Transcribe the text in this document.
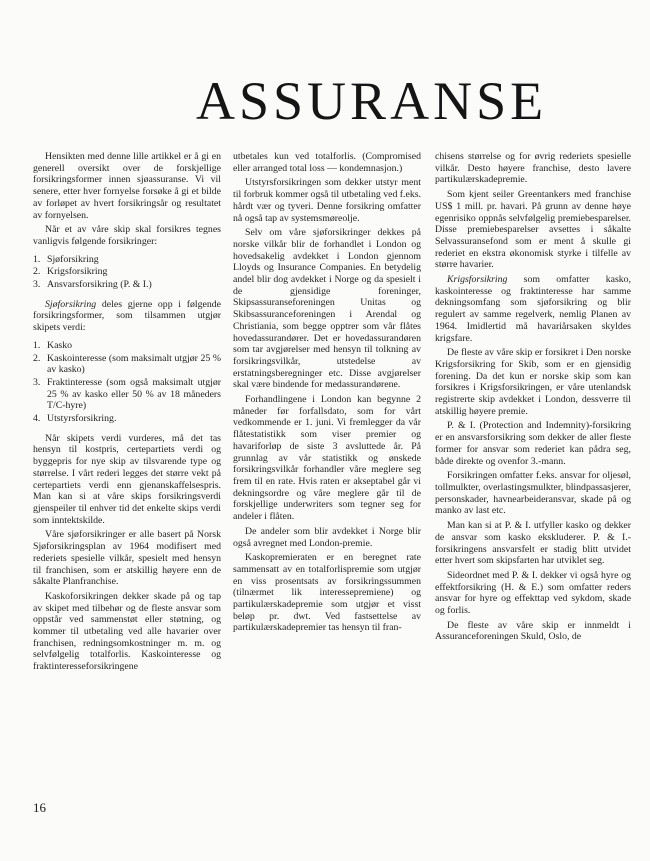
ASSURANSE

Hensikten med denne lille artikkel er å gi en generell oversikt over de forskjellige forsikringsformer innen sjøassuranse. Vi vil senere, etter hver fornyelse forsøke å gi et bilde av forløpet av hvert forsikringsår og resultatet av fornyelsen.

Når et av våre skip skal forsikres tegnes vanligvis følgende forsikringer:

1. Sjøforsikring
2. Krigsforsikring
3. Ansvarsforsikring (P. & I.)

Sjøforsikring deles gjerne opp i følgende forsikringsformer, som tilsammen utgjør skipets verdi:

1. Kasko
2. Kaskointeresse (som maksimalt utgjør 25 % av kasko)
3. Fraktinteresse (som også maksimalt utgjør 25 % av kasko eller 50 % av 18 måneders T/C-hyre)
4. Utstyrsforsikring.

Når skipets verdi vurderes, må det tas hensyn til kostpris, certepartiets verdi og byggepris for nye skip av tilsvarende type og størrelse. I vårt rederi legges det større vekt på certepartiets verdi enn gjenanskaffelsespris. Man kan si at våre skips forsikringsverdi gjenspeiler til enhver tid det enkelte skips verdi som inntektskilde.

Våre sjøforsikringer er alle basert på Norsk Sjøforsikringsplan av 1964 modifisert med rederiets spesielle vilkår, spesielt med hensyn til franchisen, som er atskillig høyere enn de såkalte Planfranchise.

Kaskoforsikringen dekker skade på og tap av skipet med tilbehør og de fleste ansvar som oppstår ved sammenstøt eller støtning, og kommer til utbetaling ved alle havarier over franchisen, redningsomkostninger m. m. og selvfølgelig totalforlis. Kaskointeresse og fraktinteresseforsikringene

utbetales kun ved totalforlis. (Compromised eller arranged total loss — kondemnasjon.)

Utstyrsforsikringen som dekker utstyr ment til forbruk kommer også til utbetaling ved f.eks. hårdt vær og tyveri. Denne forsikring omfatter nå også tap av systemsmøreolje.

Selv om våre sjøforsikringer dekkes på norske vilkår blir de forhandlet i London og hovedsakelig avdekket i London gjennom Lloyds og Insurance Companies. En betydelig andel blir dog avdekket i Norge og da spesielt i de gjensidige foreninger, Skipsassuranseforeningen Unitas og Skibsassuranceforeningen i Arendal og Christiania, som begge opptrer som vår flåtes hovedassurandører. Det er hovedassurandøren som tar avgjørelser med hensyn til tolkning av forsikringsvilkår, utstedelse av erstatningsberegninger etc. Disse avgjørelser skal være bindende for medassurandørene.

Forhandlingene i London kan begynne 2 måneder før forfallsdato, som for vårt vedkommende er 1. juni. Vi fremlegger da vår flåtestatistikk som viser premier og havariforløp de siste 3 avsluttede år. På grunnlag av vår statistikk og ønskede forsikringsvilkår forhandler våre meglere seg frem til en rate. Hvis raten er akseptabel går vi dekningsordre og våre meglere går til de forskjellige underwriters som tegner seg for andeler i flåten.

De andeler som blir avdekket i Norge blir også avregnet med London-premie.

Kaskopremieraten er en beregnet rate sammensatt av en totalforlispremie som utgjør en viss prosentsats av forsikringssummen (tilnærmet lik interessepremiene) og partikulærskadepremie som utgjør et visst beløp pr. dwt. Ved fastsettelse av partikulærskadepremier tas hensyn til fran-

chisens størrelse og for øvrig rederiets spesielle vilkår. Desto høyere franchise, desto lavere partikulærskadepremie.

Som kjent seiler Greentankers med franchise US$ 1 mill. pr. havari. På grunn av denne høye egenrisiko oppnås selvfølgelig premiebesparelser. Disse premiebesparelser avsettes i såkalte Selvassuransefond som er ment å skulle gi rederiet en ekstra økonomisk styrke i tilfelle av større havarier.

Krigsforsikring som omfatter kasko, kaskointeresse og fraktinteresse har samme dekningsomfang som sjøforsikring og blir regulert av samme regelverk, nemlig Planen av 1964. Imidlertid må havariårsaken skyldes krigsfare.

De fleste av våre skip er forsikret i Den norske Krigsforsikring for Skib, som er en gjensidig forening. Da det kun er norske skip som kan forsikres i Krigsforsikringen, er våre utenlandsk registrerte skip avdekket i London, dessverre til atskillig høyere premie.

P. & I. (Protection and Indemnity)-forsikring er en ansvarsforsikring som dekker de aller fleste former for ansvar som rederiet kan pådra seg, både direkte og ovenfor 3.-mann.

Forsikringen omfatter f.eks. ansvar for oljesøl, tollmulkter, overlastingsmulkter, blindpassasjerer, personskader, havnearbeideransvar, skade på og manko av last etc.

Man kan si at P. & I. utfyller kasko og dekker de ansvar som kasko ekskluderer. P. & I.-forsikringens ansvarsfelt er stadig blitt utvidet etter hvert som skipsfarten har utviklet seg.

Sideordnet med P. & I. dekker vi også hyre og effektforsikring (H. & E.) som omfatter reders ansvar for hyre og effekttap ved sykdom, skade og forlis.

De fleste av våre skip er innmeldt i Assuranceforeningen Skuld, Oslo, de

16
